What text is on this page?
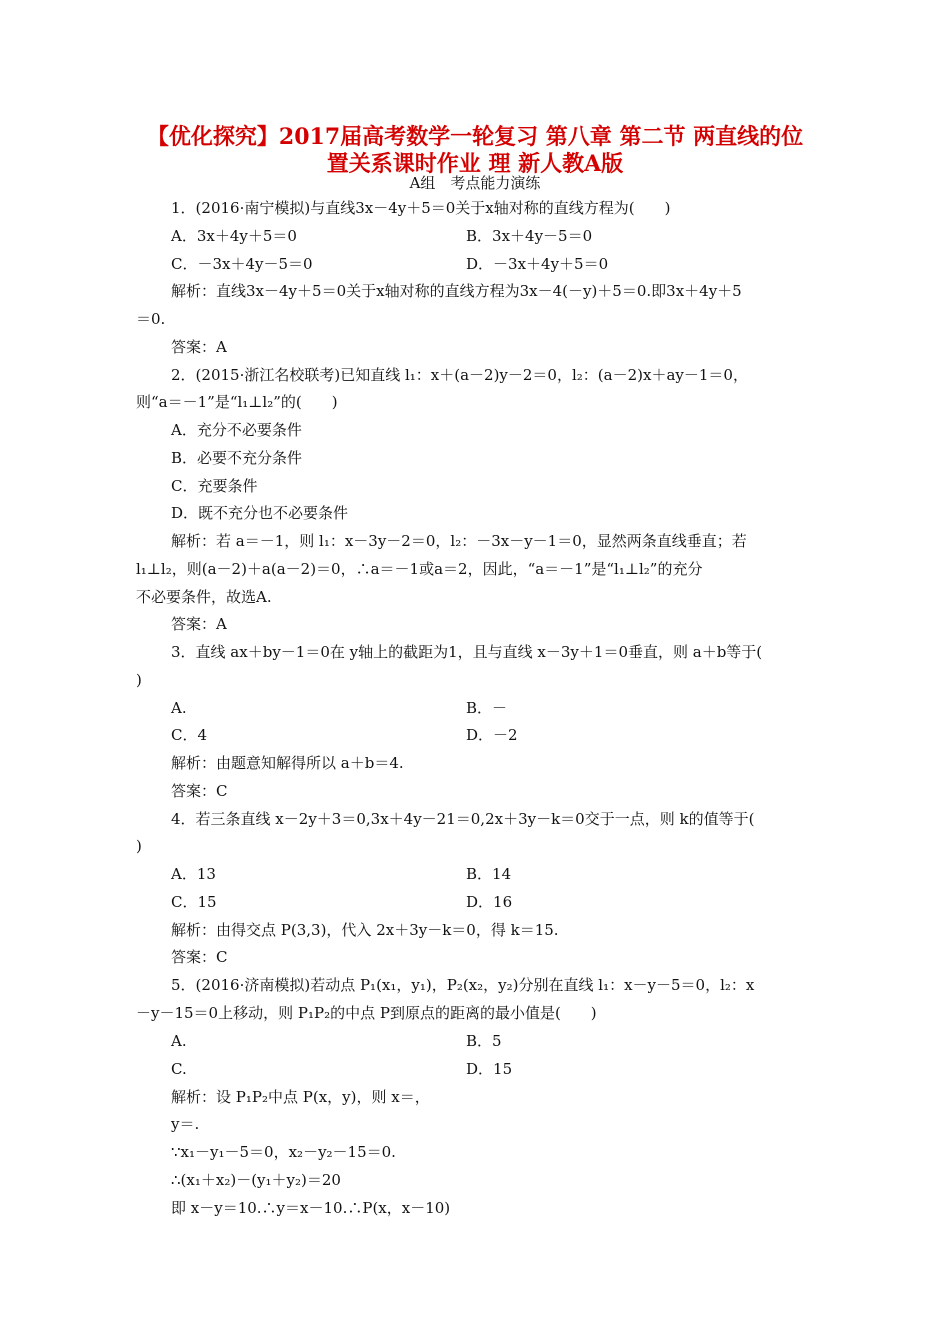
【优化探究】2017届高考数学一轮复习 第八章 第二节 两直线的位
置关系课时作业 理 新人教A版
A组　考点能力演练
1．(2016·南宁模拟)与直线3x－4y＋5＝0关于x轴对称的直线方程为(　　)
A．3x＋4y＋5＝0	B．3x＋4y－5＝0
C．－3x＋4y－5＝0	D．－3x＋4y＋5＝0
解析：直线3x－4y＋5＝0关于x轴对称的直线方程为3x－4(－y)＋5＝0.即3x＋4y＋5
＝0.
答案：A
2．(2015·浙江名校联考)已知直线 l₁：x＋(a－2)y－2＝0，l₂：(a－2)x＋ay－1＝0，
则“a＝－1”是“l₁⊥l₂”的(　　)
A．充分不必要条件
B．必要不充分条件
C．充要条件
D．既不充分也不必要条件
解析：若 a＝－1，则 l₁：x－3y－2＝0，l₂：－3x－y－1＝0，显然两条直线垂直；若
l₁⊥l₂，则(a－2)＋a(a－2)＝0，∴a＝－1或a＝2，因此，“a＝－1”是“l₁⊥l₂”的充分
不必要条件，故选A.
答案：A
3．直线 ax＋by－1＝0在 y轴上的截距为1，且与直线 x－3y＋1＝0垂直，则 a＋b等于(
)
A.	B．－
C．4	D．－2
解析：由题意知解得所以 a＋b＝4.
答案：C
4．若三条直线 x－2y＋3＝0,3x＋4y－21＝0,2x＋3y－k＝0交于一点，则 k的值等于(
)
A．13	B．14
C．15	D．16
解析：由得交点 P(3,3)，代入 2x＋3y－k＝0，得 k＝15.
答案：C
5．(2016·济南模拟)若动点 P₁(x₁，y₁)，P₂(x₂，y₂)分别在直线 l₁：x－y－5＝0，l₂：x
－y－15＝0上移动，则 P₁P₂的中点 P到原点的距离的最小值是(　　)
A.	B．5
C.	D．15
解析：设 P₁P₂中点 P(x，y)，则 x＝，
y＝.
∵x₁－y₁－5＝0，x₂－y₂－15＝0.
∴(x₁＋x₂)－(y₁＋y₂)＝20
即 x－y＝10.∴y＝x－10.∴P(x，x－10)
